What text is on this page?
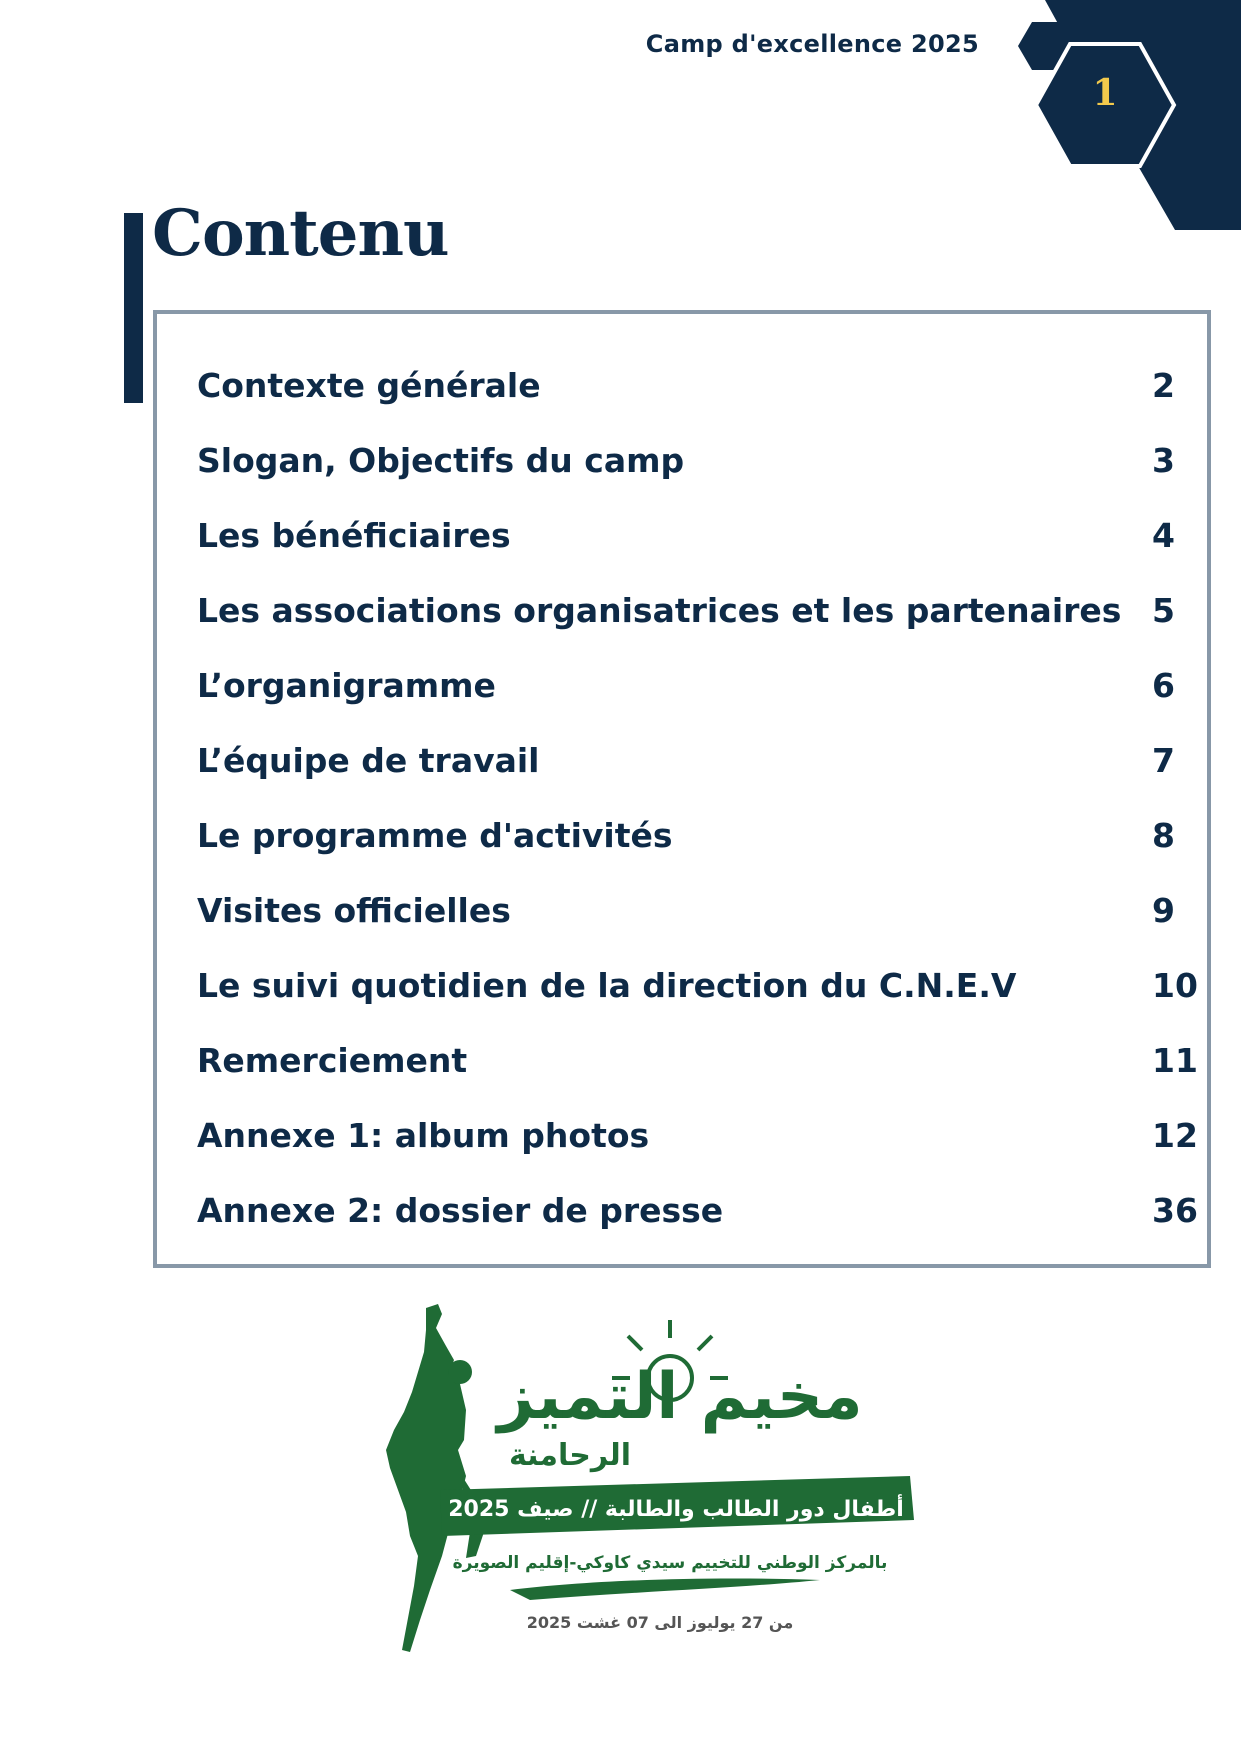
Camp d'excellence 2025
1
Contenu
Contexte générale	2
Slogan, Objectifs du camp	3
Les bénéficiaires	4
Les associations organisatrices et les partenaires 5
L’organigramme	6
L’équipe de travail	7
Le programme d'activités	8
Visites officielles	9
Le suivi quotidien de la direction du C.N.E.V	10
Remerciement	11
Annexe 1: album photos	12
Annexe 2: dossier de presse	36
مخيم التميز
الرحامنة
أطفال دور الطالب والطالبة // صيف 2025
بالمركز الوطني للتخييم سيدي كاوكي-إقليم الصويرة
من 27 يوليوز الى 07 غشت 2025
